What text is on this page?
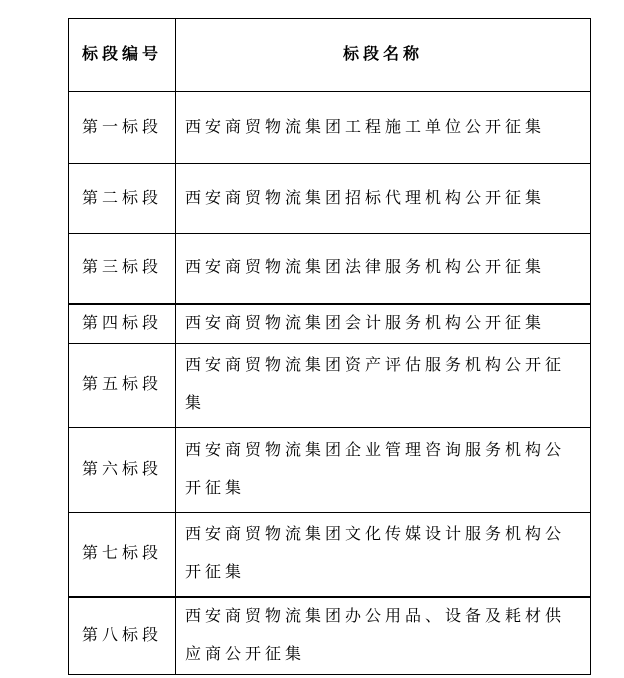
标段编号	标段名称
第一标段	西安商贸物流集团工程施工单位公开征集
第二标段	西安商贸物流集团招标代理机构公开征集
第三标段	西安商贸物流集团法律服务机构公开征集
第四标段	西安商贸物流集团会计服务机构公开征集
第五标段	西安商贸物流集团资产评估服务机构公开征集
第六标段	西安商贸物流集团企业管理咨询服务机构公开征集
第七标段	西安商贸物流集团文化传媒设计服务机构公开征集
第八标段	西安商贸物流集团办公用品、设备及耗材供应商公开征集
